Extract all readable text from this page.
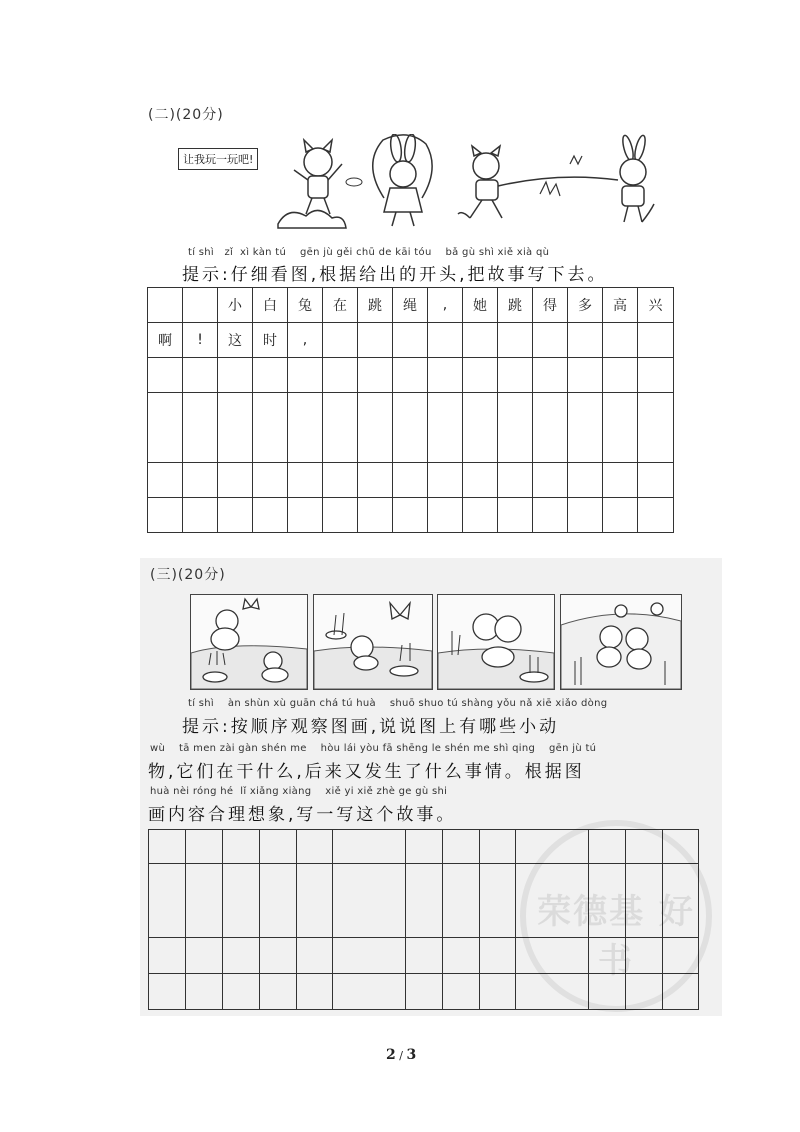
(二)(20分)
让我玩一玩吧!
tí shì   zǐ  xì kàn tú    gēn jù gěi chū de kāi tóu    bǎ gù shì xiě xià qù
提示:仔细看图,根据给出的开头,把故事写下去。
		小	白	兔	在	跳	绳	,	她	跳	得	多	高	兴
啊	!	这	时	,										

(三)(20分)
tí shì    àn shùn xù guān chá tú huà    shuō shuo tú shàng yǒu nǎ xiē xiǎo dòng
提示:按顺序观察图画,说说图上有哪些小动
wù    tā men zài gàn shén me    hòu lái yòu fā shēng le shén me shì qing    gēn jù tú
物,它们在干什么,后来又发生了什么事情。根据图
huà nèi róng hé  lǐ xiǎng xiàng    xiě yi xiě zhè ge gù shi
画内容合理想象,写一写这个故事。

2 / 3
